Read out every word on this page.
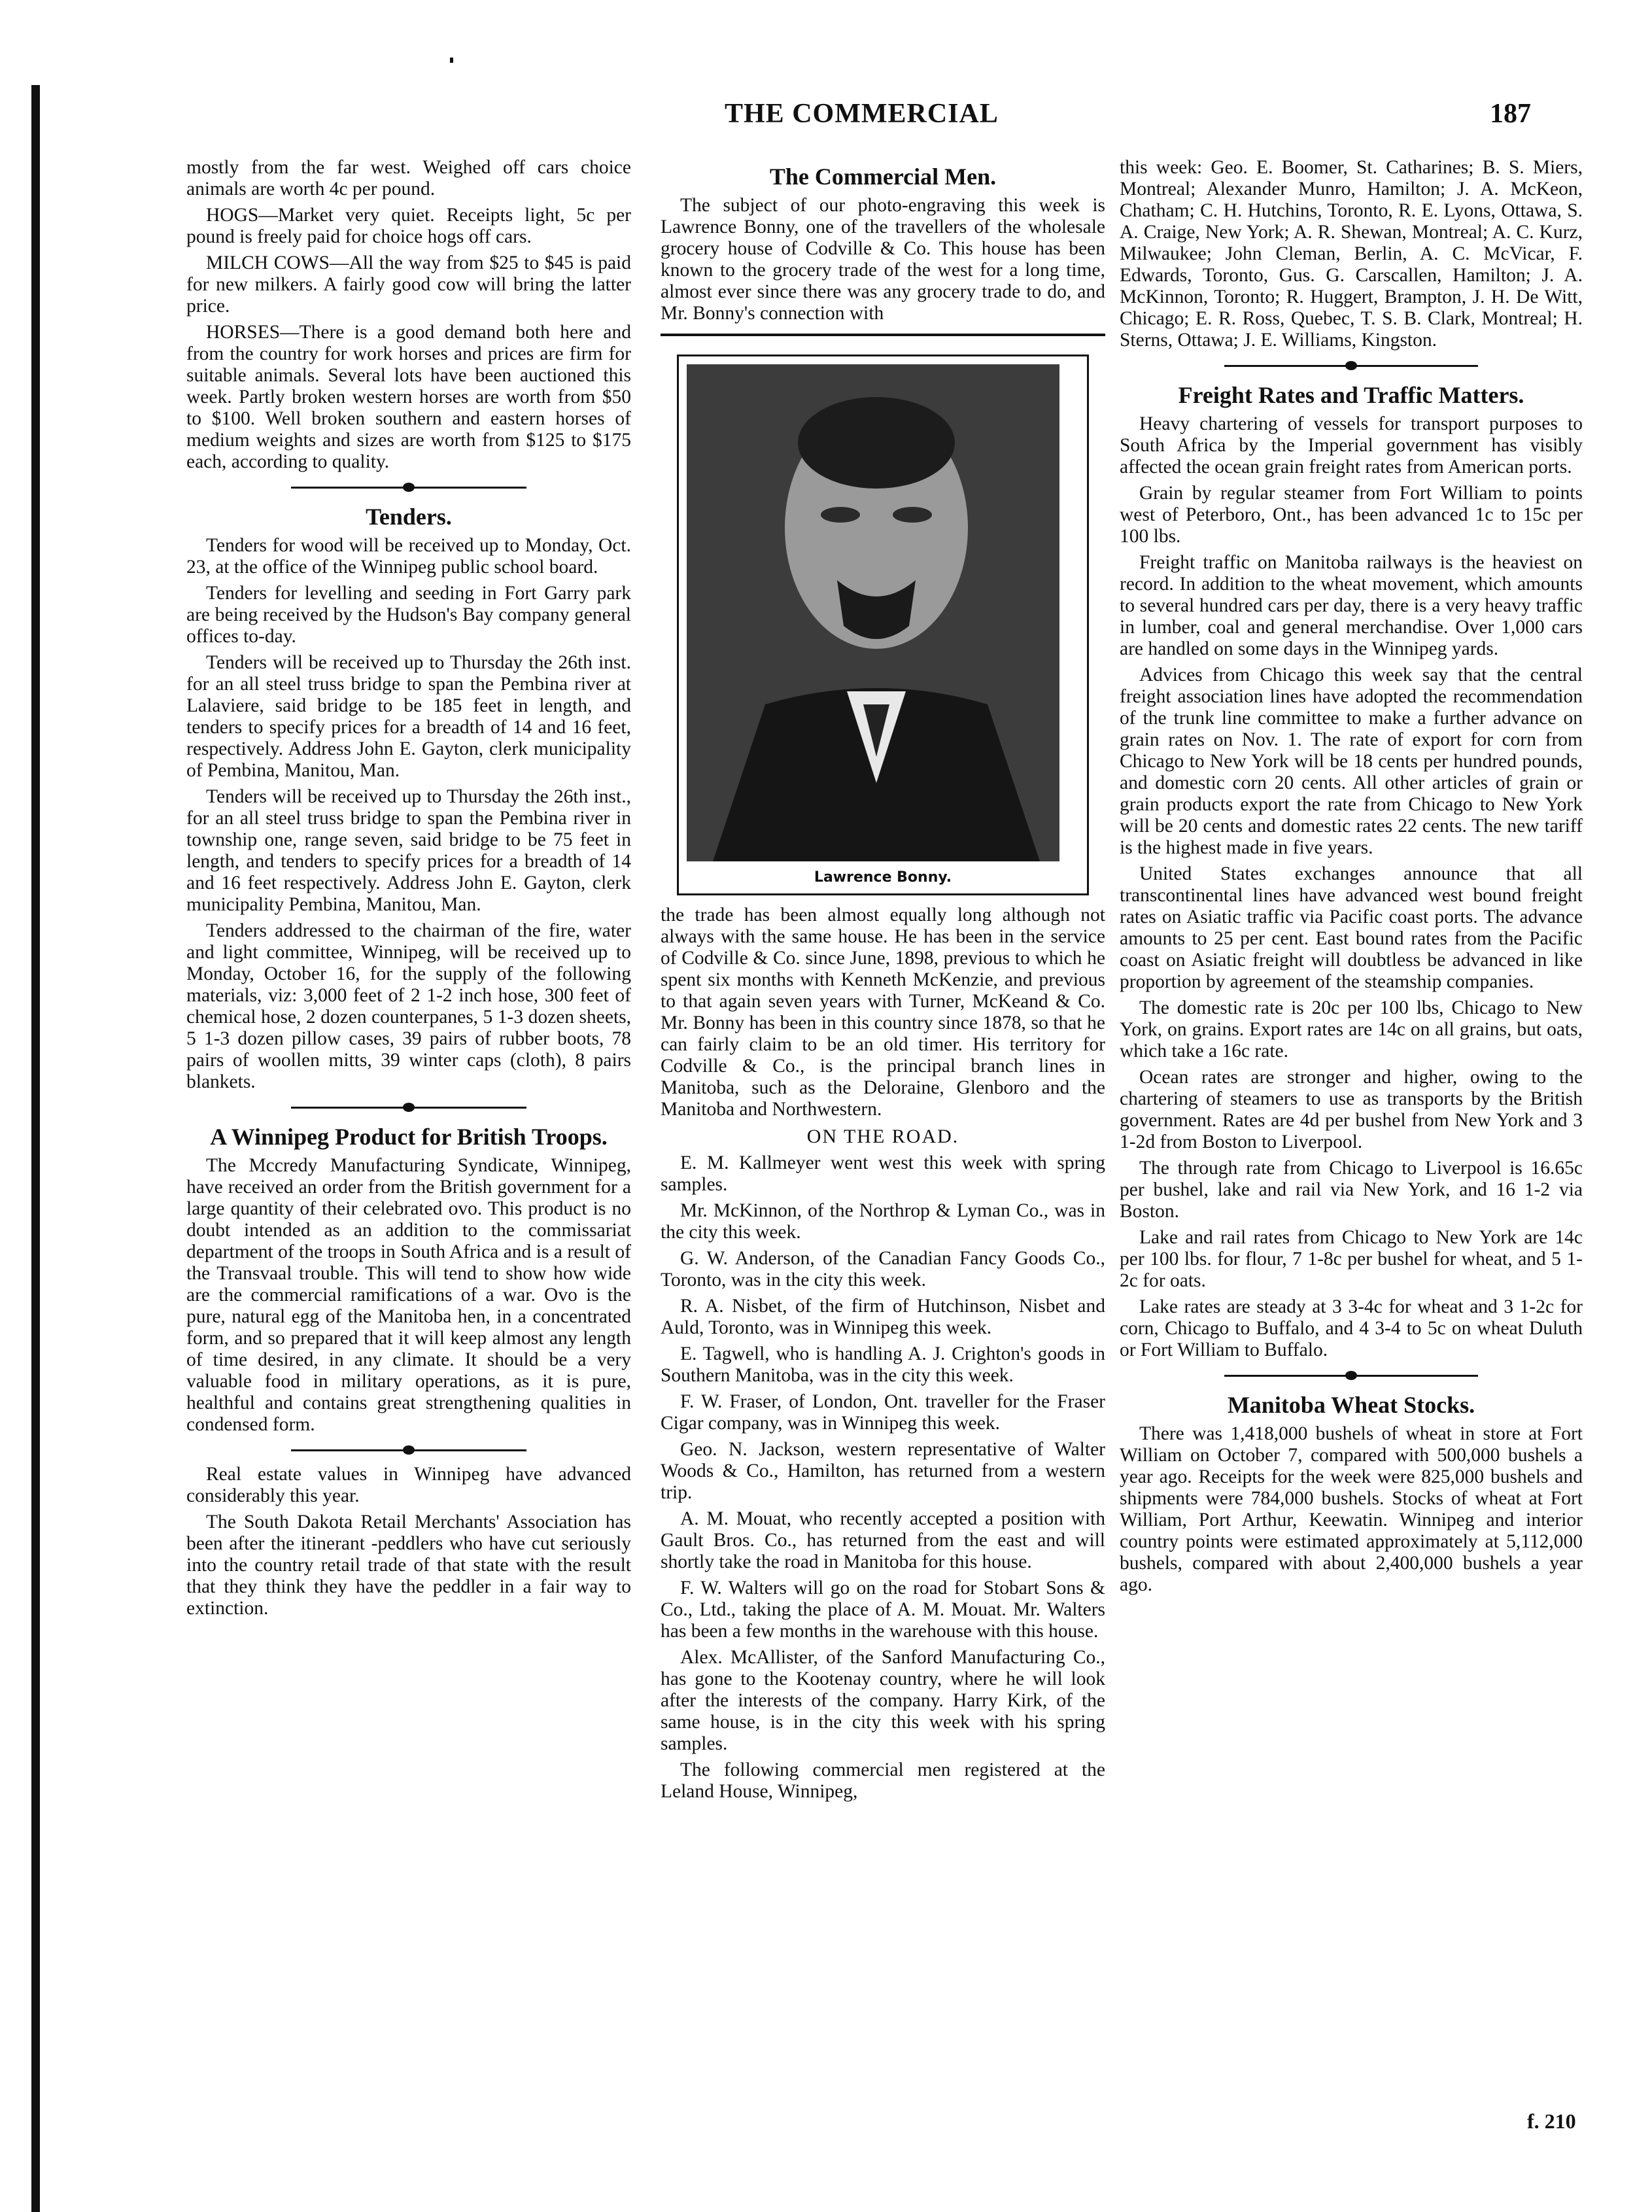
THE COMMERCIAL	187

mostly from the far west. Weighed off cars choice animals are worth 4c per pound.

HOGS—Market very quiet. Receipts light, 5c per pound is freely paid for choice hogs off cars.

MILCH COWS—All the way from $25 to $45 is paid for new milkers. A fairly good cow will bring the latter price.

HORSES—There is a good demand both here and from the country for work horses and prices are firm for suitable animals. Several lots have been auctioned this week. Partly broken western horses are worth from $50 to $100. Well broken southern and eastern horses of medium weights and sizes are worth from $125 to $175 each, according to quality.

Tenders.

Tenders for wood will be received up to Monday, Oct. 23, at the office of the Winnipeg public school board.

Tenders for levelling and seeding in Fort Garry park are being received by the Hudson's Bay company general offices to-day.

Tenders will be received up to Thursday the 26th inst. for an all steel truss bridge to span the Pembina river at Lalaviere, said bridge to be 185 feet in length, and tenders to specify prices for a breadth of 14 and 16 feet, respectively. Address John E. Gayton, clerk municipality of Pembina, Manitou, Man.

Tenders will be received up to Thursday the 26th inst., for an all steel truss bridge to span the Pembina river in township one, range seven, said bridge to be 75 feet in length, and tenders to specify prices for a breadth of 14 and 16 feet respectively. Address John E. Gayton, clerk municipality Pembina, Manitou, Man.

Tenders addressed to the chairman of the fire, water and light committee, Winnipeg, will be received up to Monday, October 16, for the supply of the following materials, viz: 3,000 feet of 2 1-2 inch hose, 300 feet of chemical hose, 2 dozen counterpanes, 5 1-3 dozen sheets, 5 1-3 dozen pillow cases, 39 pairs of rubber boots, 78 pairs of woollen mitts, 39 winter caps (cloth), 8 pairs blankets.

A Winnipeg Product for British Troops.

The Mccredy Manufacturing Syndicate, Winnipeg, have received an order from the British government for a large quantity of their celebrated ovo. This product is no doubt intended as an addition to the commissariat department of the troops in South Africa and is a result of the Transvaal trouble. This will tend to show how wide are the commercial ramifications of a war. Ovo is the pure, natural egg of the Manitoba hen, in a concentrated form, and so prepared that it will keep almost any length of time desired, in any climate. It should be a very valuable food in military operations, as it is pure, healthful and contains great strengthening qualities in condensed form.

Real estate values in Winnipeg have advanced considerably this year.

The South Dakota Retail Merchants' Association has been after the itinerant -peddlers who have cut seriously into the country retail trade of that state with the result that they think they have the peddler in a fair way to extinction.

The Commercial Men.

The subject of our photo-engraving this week is Lawrence Bonny, one of the travellers of the wholesale grocery house of Codville & Co. This house has been known to the grocery trade of the west for a long time, almost ever since there was any grocery trade to do, and Mr. Bonny's connection with

Lawrence Bonny.

the trade has been almost equally long although not always with the same house. He has been in the service of Codville & Co. since June, 1898, previous to which he spent six months with Kenneth McKenzie, and previous to that again seven years with Turner, McKeand & Co. Mr. Bonny has been in this country since 1878, so that he can fairly claim to be an old timer. His territory for Codville & Co., is the principal branch lines in Manitoba, such as the Deloraine, Glenboro and the Manitoba and Northwestern.

ON THE ROAD.

E. M. Kallmeyer went west this week with spring samples.

Mr. McKinnon, of the Northrop & Lyman Co., was in the city this week.

G. W. Anderson, of the Canadian Fancy Goods Co., Toronto, was in the city this week.

R. A. Nisbet, of the firm of Hutchinson, Nisbet and Auld, Toronto, was in Winnipeg this week.

E. Tagwell, who is handling A. J. Crighton's goods in Southern Manitoba, was in the city this week.

F. W. Fraser, of London, Ont. traveller for the Fraser Cigar company, was in Winnipeg this week.

Geo. N. Jackson, western representative of Walter Woods & Co., Hamilton, has returned from a western trip.

A. M. Mouat, who recently accepted a position with Gault Bros. Co., has returned from the east and will shortly take the road in Manitoba for this house.

F. W. Walters will go on the road for Stobart Sons & Co., Ltd., taking the place of A. M. Mouat. Mr. Walters has been a few months in the warehouse with this house.

Alex. McAllister, of the Sanford Manufacturing Co., has gone to the Kootenay country, where he will look after the interests of the company. Harry Kirk, of the same house, is in the city this week with his spring samples.

The following commercial men registered at the Leland House, Winnipeg,

this week: Geo. E. Boomer, St. Catharines; B. S. Miers, Montreal; Alexander Munro, Hamilton; J. A. McKeon, Chatham; C. H. Hutchins, Toronto, R. E. Lyons, Ottawa, S. A. Craige, New York; A. R. Shewan, Montreal; A. C. Kurz, Milwaukee; John Cleman, Berlin, A. C. McVicar, F. Edwards, Toronto, Gus. G. Carscallen, Hamilton; J. A. McKinnon, Toronto; R. Huggert, Brampton, J. H. De Witt, Chicago; E. R. Ross, Quebec, T. S. B. Clark, Montreal; H. Sterns, Ottawa; J. E. Williams, Kingston.

Freight Rates and Traffic Matters.

Heavy chartering of vessels for transport purposes to South Africa by the Imperial government has visibly affected the ocean grain freight rates from American ports.

Grain by regular steamer from Fort William to points west of Peterboro, Ont., has been advanced 1c to 15c per 100 lbs.

Freight traffic on Manitoba railways is the heaviest on record. In addition to the wheat movement, which amounts to several hundred cars per day, there is a very heavy traffic in lumber, coal and general merchandise. Over 1,000 cars are handled on some days in the Winnipeg yards.

Advices from Chicago this week say that the central freight association lines have adopted the recommendation of the trunk line committee to make a further advance on grain rates on Nov. 1. The rate of export for corn from Chicago to New York will be 18 cents per hundred pounds, and domestic corn 20 cents. All other articles of grain or grain products export the rate from Chicago to New York will be 20 cents and domestic rates 22 cents. The new tariff is the highest made in five years.

United States exchanges announce that all transcontinental lines have advanced west bound freight rates on Asiatic traffic via Pacific coast ports. The advance amounts to 25 per cent. East bound rates from the Pacific coast on Asiatic freight will doubtless be advanced in like proportion by agreement of the steamship companies.

The domestic rate is 20c per 100 lbs, Chicago to New York, on grains. Export rates are 14c on all grains, but oats, which take a 16c rate.

Ocean rates are stronger and higher, owing to the chartering of steamers to use as transports by the British government. Rates are 4d per bushel from New York and 3 1-2d from Boston to Liverpool.

The through rate from Chicago to Liverpool is 16.65c per bushel, lake and rail via New York, and 16 1-2 via Boston.

Lake and rail rates from Chicago to New York are 14c per 100 lbs. for flour, 7 1-8c per bushel for wheat, and 5 1-2c for oats.

Lake rates are steady at 3 3-4c for wheat and 3 1-2c for corn, Chicago to Buffalo, and 4 3-4 to 5c on wheat Duluth or Fort William to Buffalo.

Manitoba Wheat Stocks.

There was 1,418,000 bushels of wheat in store at Fort William on October 7, compared with 500,000 bushels a year ago. Receipts for the week were 825,000 bushels and shipments were 784,000 bushels. Stocks of wheat at Fort William, Port Arthur, Keewatin. Winnipeg and interior country points were estimated approximately at 5,112,000 bushels, compared with about 2,400,000 bushels a year ago.

f. 210
